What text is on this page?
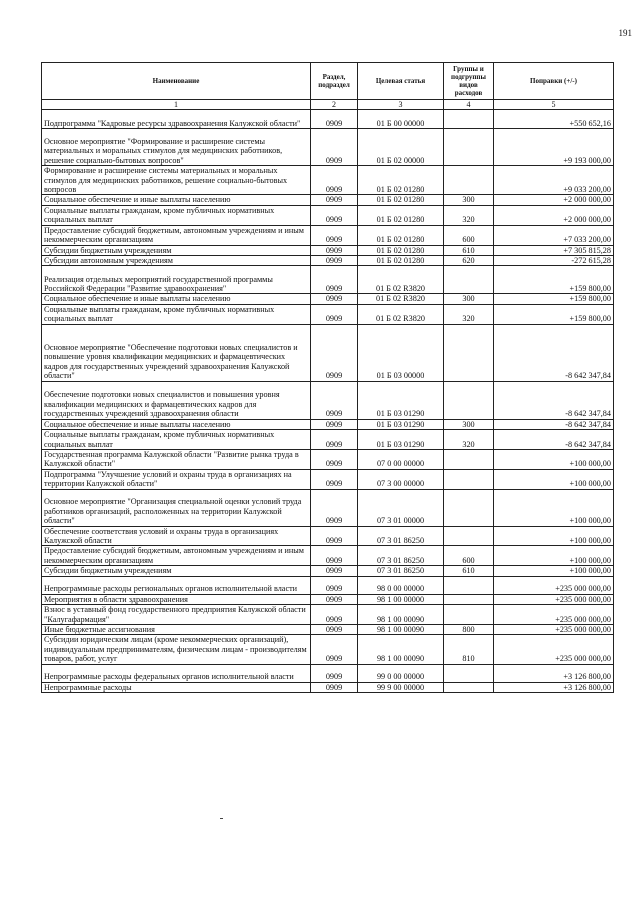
191
Наименование	Раздел, подраздел	Целевая статья	Группы и подгруппы видов расходов	Поправки (+/-)
1	2	3	4	5
Подпрограмма "Кадровые ресурсы здравоохранения Калужской области"	0909	01 Б 00 00000		+550 652,16
Основное мероприятие "Формирование и расширение системы материальных и моральных стимулов для медицинских работников, решение социально-бытовых вопросов"	0909	01 Б 02 00000		+9 193 000,00
Формирование и расширение системы материальных и моральных стимулов для медицинских работников, решение социально-бытовых вопросов	0909	01 Б 02 01280		+9 033 200,00
Социальное обеспечение и иные выплаты населению	0909	01 Б 02 01280	300	+2 000 000,00
Социальные выплаты гражданам, кроме публичных нормативных социальных выплат	0909	01 Б 02 01280	320	+2 000 000,00
Предоставление субсидий бюджетным, автономным учреждениям и иным некоммерческим организациям	0909	01 Б 02 01280	600	+7 033 200,00
Субсидии бюджетным учреждениям	0909	01 Б 02 01280	610	+7 305 815,28
Субсидии автономным учреждениям	0909	01 Б 02 01280	620	-272 615,28
Реализация отдельных мероприятий государственной программы Российской Федерации "Развитие здравоохранения"	0909	01 Б 02 R3820		+159 800,00
Социальное обеспечение и иные выплаты населению	0909	01 Б 02 R3820	300	+159 800,00
Социальные выплаты гражданам, кроме публичных нормативных социальных выплат	0909	01 Б 02 R3820	320	+159 800,00
Основное мероприятие "Обеспечение подготовки новых специалистов и повышение уровня квалификации медицинских и фармацевтических кадров для государственных учреждений здравоохранения Калужской области"	0909	01 Б 03 00000		-8 642 347,84
Обеспечение подготовки новых специалистов и повышения уровня квалификации медицинских и фармацевтических кадров для государственных учреждений здравоохранения области	0909	01 Б 03 01290		-8 642 347,84
Социальное обеспечение и иные выплаты населению	0909	01 Б 03 01290	300	-8 642 347,84
Социальные выплаты гражданам, кроме публичных нормативных социальных выплат	0909	01 Б 03 01290	320	-8 642 347,84
Государственная программа Калужской области "Развитие рынка труда в Калужской области"	0909	07 0 00 00000		+100 000,00
Подпрограмма "Улучшение условий и охраны труда в организациях на территории Калужской области"	0909	07 3 00 00000		+100 000,00
Основное мероприятие "Организация специальной оценки условий труда работников организаций, расположенных на территории Калужской области"	0909	07 3 01 00000		+100 000,00
Обеспечение соответствия условий и охраны труда в организациях Калужской области	0909	07 3 01 86250		+100 000,00
Предоставление субсидий бюджетным, автономным учреждениям и иным некоммерческим организациям	0909	07 3 01 86250	600	+100 000,00
Субсидии бюджетным учреждениям	0909	07 3 01 86250	610	+100 000,00
Непрограммные расходы региональных органов исполнительной власти	0909	98 0 00 00000		+235 000 000,00
Мероприятия в области здравоохранения	0909	98 1 00 00000		+235 000 000,00
Взнос в уставный фонд государственного предприятия Калужской области "Калугафармация"	0909	98 1 00 00090		+235 000 000,00
Иные бюджетные ассигнования	0909	98 1 00 00090	800	+235 000 000,00
Субсидии юридическим лицам (кроме некоммерческих организаций), индивидуальным предпринимателям, физическим лицам - производителям товаров, работ, услуг	0909	98 1 00 00090	810	+235 000 000,00
Непрограммные расходы федеральных органов исполнительной власти	0909	99 0 00 00000		+3 126 800,00
Непрограммные расходы	0909	99 9 00 00000		+3 126 800,00
